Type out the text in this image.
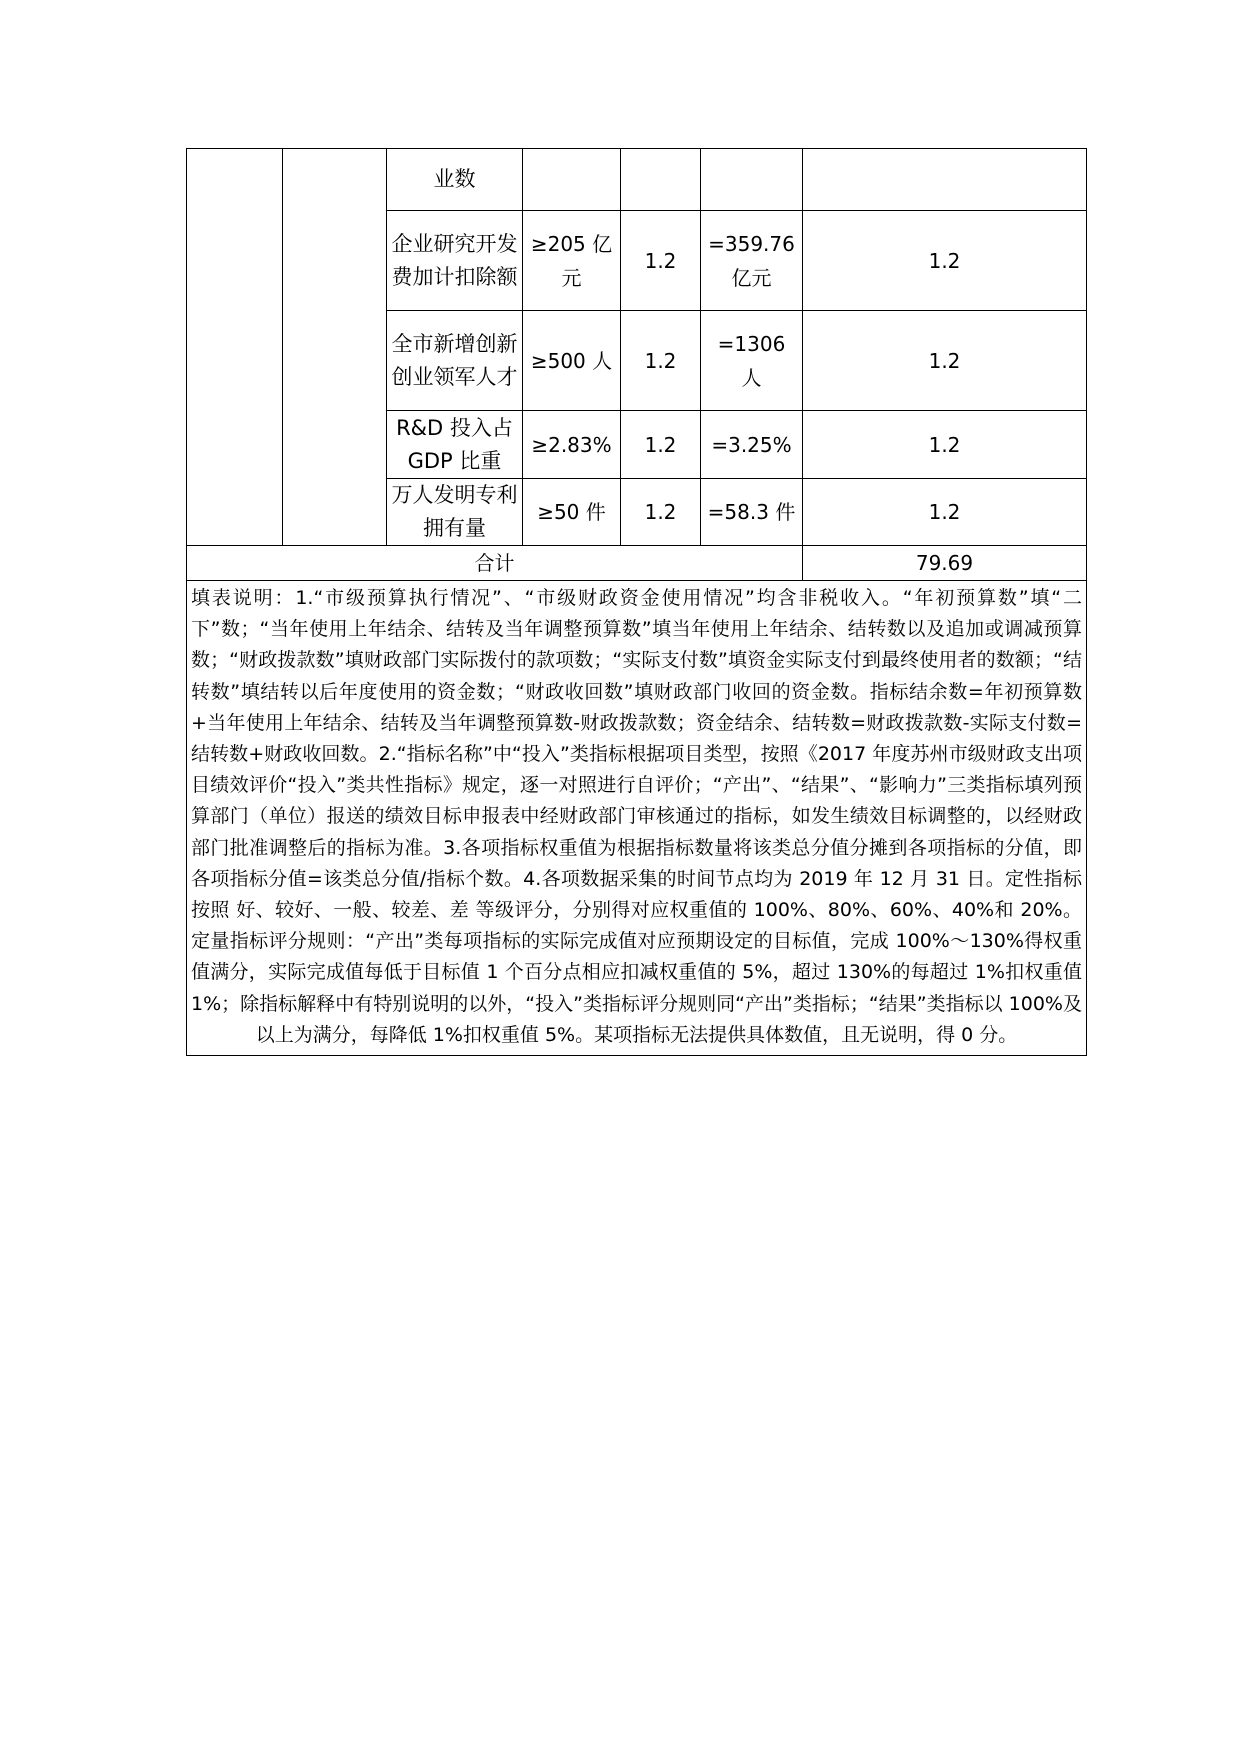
		业数				
		企业研究开发费加计扣除额	≥205 亿元	1.2	=359.76 亿元	1.2
		全市新增创新创业领军人才	≥500 人	1.2	=1306 人	1.2
		R&D 投入占 GDP 比重	≥2.83%	1.2	=3.25%	1.2
		万人发明专利拥有量	≥50 件	1.2	=58.3 件	1.2
合计						79.69
填表说明：1.“市级预算执行情况”、“市级财政资金使用情况”均含非税收入。“年初预算数”填“二下”数；“当年使用上年结余、结转及当年调整预算数”填当年使用上年结余、结转数以及追加或调减预算数；“财政拨款数”填财政部门实际拨付的款项数；“实际支付数”填资金实际支付到最终使用者的数额；“结转数”填结转以后年度使用的资金数；“财政收回数”填财政部门收回的资金数。指标结余数=年初预算数+当年使用上年结余、结转及当年调整预算数-财政拨款数；资金结余、结转数=财政拨款数-实际支付数=结转数+财政收回数。2.“指标名称”中“投入”类指标根据项目类型，按照《2017 年度苏州市级财政支出项目绩效评价“投入”类共性指标》规定，逐一对照进行自评价；“产出”、“结果”、“影响力”三类指标填列预算部门（单位）报送的绩效目标申报表中经财政部门审核通过的指标，如发生绩效目标调整的，以经财政部门批准调整后的指标为准。3.各项指标权重值为根据指标数量将该类总分值分摊到各项指标的分值，即各项指标分值=该类总分值/指标个数。4.各项数据采集的时间节点均为 2019 年 12 月 31 日。定性指标按照 好、较好、一般、较差、差 等级评分，分别得对应权重值的 100%、80%、60%、40%和 20%。定量指标评分规则：“产出”类每项指标的实际完成值对应预期设定的目标值，完成 100%～130%得权重值满分，实际完成值每低于目标值 1 个百分点相应扣减权重值的 5%，超过 130%的每超过 1%扣权重值 1%；除指标解释中有特别说明的以外，“投入”类指标评分规则同“产出”类指标；“结果”类指标以 100%及以上为满分，每降低 1%扣权重值 5%。某项指标无法提供具体数值，且无说明，得 0 分。						
